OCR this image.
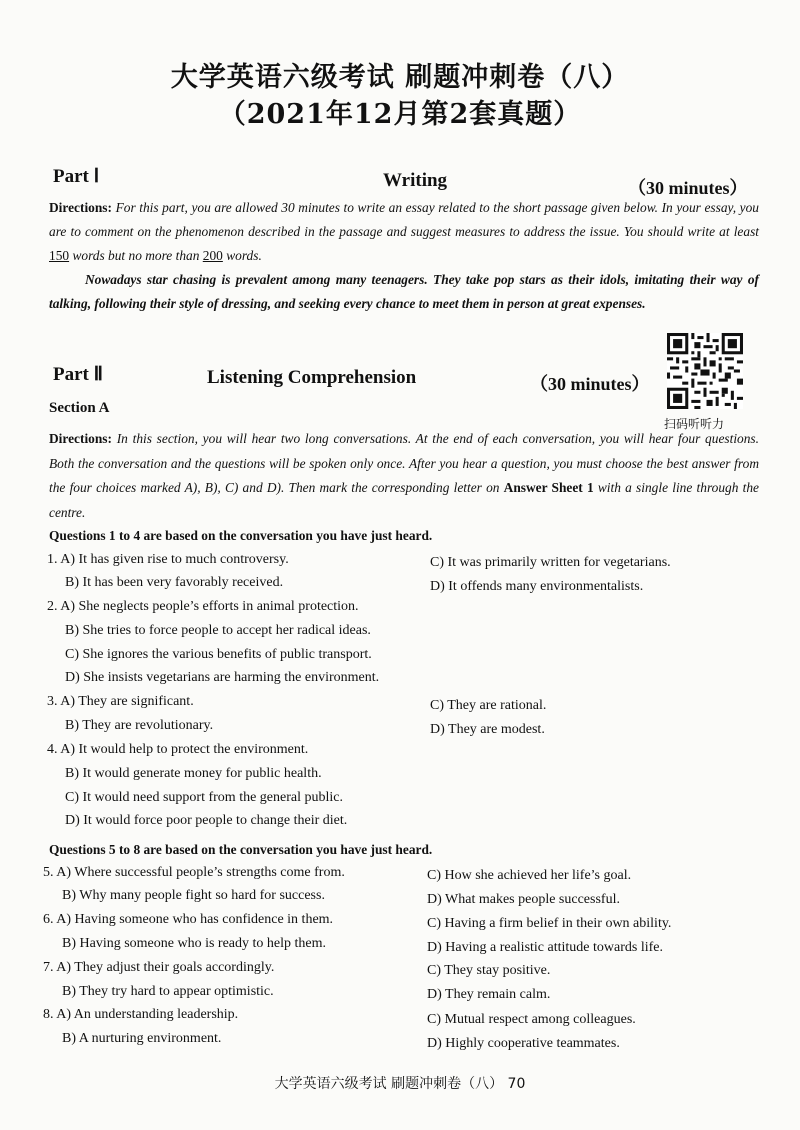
大学英语六级考试 刷题冲刺卷（八）
（2021年12月第2套真题）
Part Ⅰ	Writing	（30 minutes）
Directions: For this part, you are allowed 30 minutes to write an essay related to the short passage given below. In your essay, you are to comment on the phenomenon described in the passage and suggest measures to address the issue. You should write at least 150 words but no more than 200 words.
Nowadays star chasing is prevalent among many teenagers. They take pop stars as their idols, imitating their way of talking, following their style of dressing, and seeking every chance to meet them in person at great expenses.
Part Ⅱ	Listening Comprehension	（30 minutes）
扫码听听力
Section A
Directions: In this section, you will hear two long conversations. At the end of each conversation, you will hear four questions. Both the conversation and the questions will be spoken only once. After you hear a question, you must choose the best answer from the four choices marked A), B), C) and D). Then mark the corresponding letter on Answer Sheet 1 with a single line through the centre.
Questions 1 to 4 are based on the conversation you have just heard.
1. A) It has given rise to much controversy.
B) It has been very favorably received.
C) It was primarily written for vegetarians.
D) It offends many environmentalists.
2. A) She neglects people’s efforts in animal protection.
B) She tries to force people to accept her radical ideas.
C) She ignores the various benefits of public transport.
D) She insists vegetarians are harming the environment.
3. A) They are significant.
B) They are revolutionary.
C) They are rational.
D) They are modest.
4. A) It would help to protect the environment.
B) It would generate money for public health.
C) It would need support from the general public.
D) It would force poor people to change their diet.
Questions 5 to 8 are based on the conversation you have just heard.
5. A) Where successful people’s strengths come from.
B) Why many people fight so hard for success.
C) How she achieved her life’s goal.
D) What makes people successful.
6. A) Having someone who has confidence in them.
B) Having someone who is ready to help them.
C) Having a firm belief in their own ability.
D) Having a realistic attitude towards life.
7. A) They adjust their goals accordingly.
B) They try hard to appear optimistic.
C) They stay positive.
D) They remain calm.
8. A) An understanding leadership.
B) A nurturing environment.
C) Mutual respect among colleagues.
D) Highly cooperative teammates.
大学英语六级考试 刷题冲刺卷（八） 70
